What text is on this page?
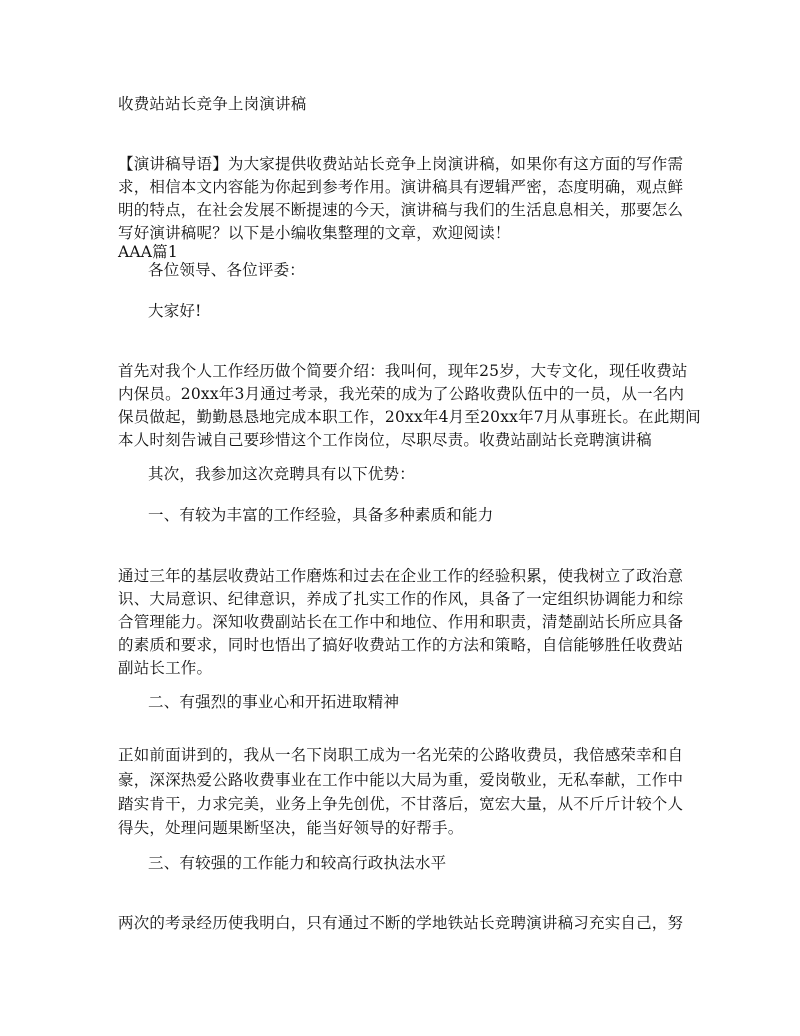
收费站站长竞争上岗演讲稿
【演讲稿导语】为大家提供收费站站长竞争上岗演讲稿，如果你有这方面的写作需
求，相信本文内容能为你起到参考作用。演讲稿具有逻辑严密，态度明确，观点鲜
明的特点，在社会发展不断提速的今天，演讲稿与我们的生活息息相关，那要怎么
写好演讲稿呢？以下是小编收集整理的文章，欢迎阅读！
AAA篇1
各位领导、各位评委：
大家好!
首先对我个人工作经历做个简要介绍：我叫何，现年25岁，大专文化，现任收费站
内保员。20xx年3月通过考录，我光荣的成为了公路收费队伍中的一员，从一名内
保员做起，勤勤恳恳地完成本职工作，20xx年4月至20xx年7月从事班长。在此期间
本人时刻告诫自己要珍惜这个工作岗位，尽职尽责。收费站副站长竞聘演讲稿
其次，我参加这次竞聘具有以下优势：
一、有较为丰富的工作经验，具备多种素质和能力
通过三年的基层收费站工作磨炼和过去在企业工作的经验积累，使我树立了政治意
识、大局意识、纪律意识，养成了扎实工作的作风，具备了一定组织协调能力和综
合管理能力。深知收费副站长在工作中和地位、作用和职责，清楚副站长所应具备
的素质和要求，同时也悟出了搞好收费站工作的方法和策略，自信能够胜任收费站
副站长工作。
二、有强烈的事业心和开拓进取精神
正如前面讲到的，我从一名下岗职工成为一名光荣的公路收费员，我倍感荣幸和自
豪，深深热爱公路收费事业在工作中能以大局为重，爱岗敬业，无私奉献，工作中
踏实肯干，力求完美，业务上争先创优，不甘落后，宽宏大量，从不斤斤计较个人
得失，处理问题果断坚决，能当好领导的好帮手。
三、有较强的工作能力和较高行政执法水平
两次的考录经历使我明白，只有通过不断的学地铁站长竞聘演讲稿习充实自己，努
